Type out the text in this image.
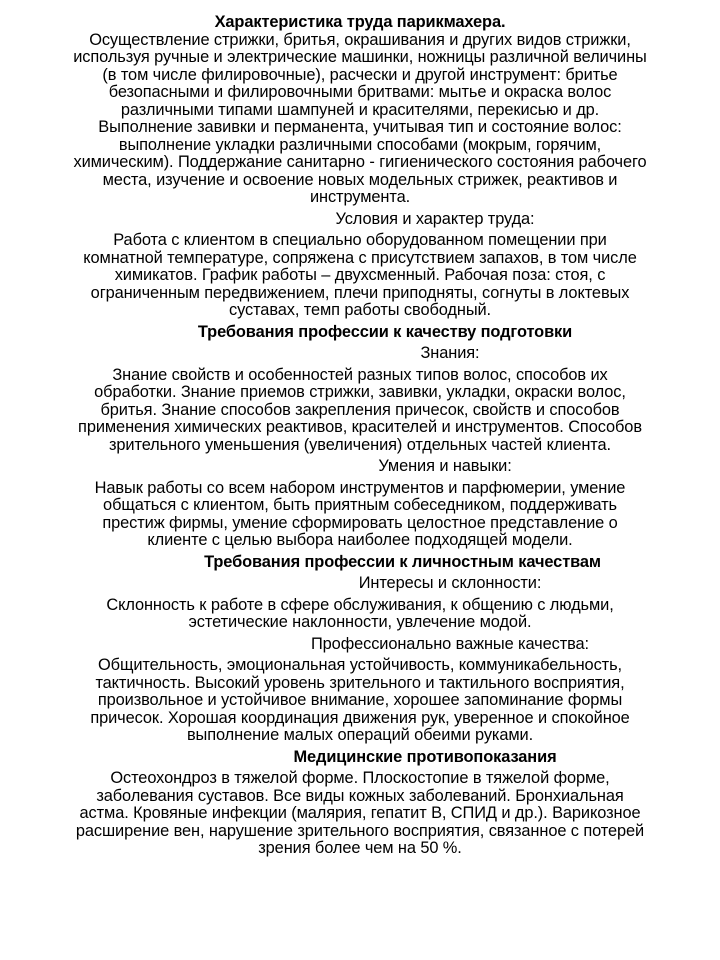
Характеристика труда парикмахера.
Осуществление стрижки, бритья, окрашивания и других видов стрижки,
используя ручные и электрические машинки, ножницы различной величины
(в том числе филировочные), расчески и другой инструмент: бритье
безопасными и филировочными бритвами: мытье и окраска волос
различными типами шампуней и красителями, перекисью и др.
Выполнение завивки и перманента, учитывая тип и состояние волос:
выполнение укладки различными способами (мокрым, горячим,
химическим). Поддержание санитарно - гигиенического состояния рабочего
места, изучение и освоение новых модельных стрижек, реактивов и
инструмента.
Условия и характер труда:
Работа с клиентом в специально оборудованном помещении при
комнатной температуре, сопряжена с присутствием запахов, в том числе
химикатов. График работы – двухсменный. Рабочая поза: стоя, с
ограниченным передвижением, плечи приподняты, согнуты в локтевых
суставах, темп работы свободный.
Требования профессии к качеству подготовки
Знания:
Знание свойств и особенностей разных типов волос, способов их
обработки. Знание приемов стрижки, завивки, укладки, окраски волос,
бритья. Знание способов закрепления причесок, свойств и способов
применения химических реактивов, красителей и инструментов. Способов
зрительного уменьшения (увеличения) отдельных частей клиента.
Умения и навыки:
Навык работы со всем набором инструментов и парфюмерии, умение
общаться с клиентом, быть приятным собеседником, поддерживать
престиж фирмы, умение сформировать целостное представление о
клиенте с целью выбора наиболее подходящей модели.
Требования профессии к личностным качествам
Интересы и склонности:
Склонность к работе в сфере обслуживания, к общению с людьми,
эстетические наклонности, увлечение модой.
Профессионально важные качества:
Общительность, эмоциональная устойчивость, коммуникабельность,
тактичность. Высокий уровень зрительного и тактильного восприятия,
произвольное и устойчивое внимание, хорошее запоминание формы
причесок. Хорошая координация движения рук, уверенное и спокойное
выполнение малых операций обеими руками.
Медицинские противопоказания
Остеохондроз в тяжелой форме. Плоскостопие в тяжелой форме,
заболевания суставов. Все виды кожных заболеваний. Бронхиальная
астма. Кровяные инфекции (малярия, гепатит В, СПИД и др.). Варикозное
расширение вен, нарушение зрительного восприятия, связанное с потерей
зрения более чем на 50 %.
